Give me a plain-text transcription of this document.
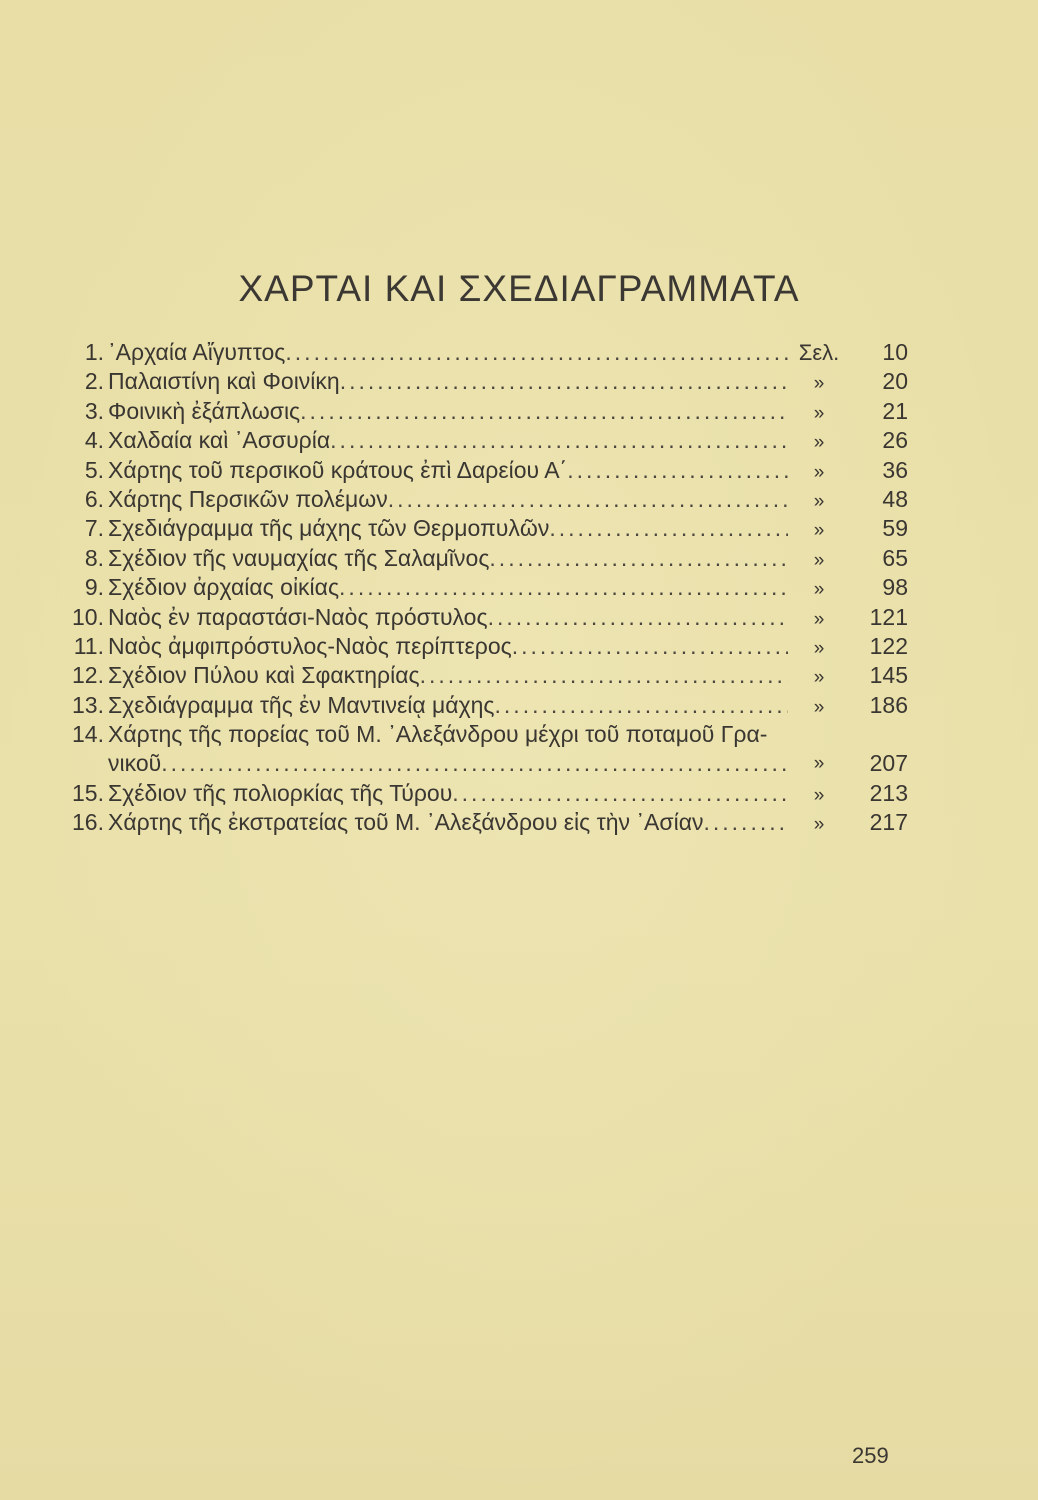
ΧΑΡΤΑΙ ΚΑΙ ΣΧΕΔΙΑΓΡΑΜΜΑΤΑ
1. ᾿Αρχαία Αἴγυπτος .....	Σελ.	10
2. Παλαιστίνη καὶ Φοινίκη .....	»	20
3. Φοινικὴ ἐξάπλωσις .....	»	21
4. Χαλδαία καὶ ᾿Ασσυρία .....	»	26
5. Χάρτης τοῦ περσικοῦ κράτους ἐπὶ Δαρείου Α΄ .....	»	36
6. Χάρτης Περσικῶν πολέμων .....	»	48
7. Σχεδιάγραμμα τῆς μάχης τῶν Θερμοπυλῶν .....	»	59
8. Σχέδιον τῆς ναυμαχίας τῆς Σαλαμῖνος .....	»	65
9. Σχέδιον ἀρχαίας οἰκίας .....	»	98
10. Ναὸς ἐν παραστάσι-Ναὸς πρόστυλος .....	»	121
11. Ναὸς ἀμφιπρόστυλος-Ναὸς περίπτερος .....	»	122
12. Σχέδιον Πύλου καὶ Σφακτηρίας .....	»	145
13. Σχεδιάγραμμα τῆς ἐν Μαντινείᾳ μάχης .....	»	186
14. Χάρτης τῆς πορείας τοῦ Μ. ᾿Αλεξάνδρου μέχρι τοῦ ποταμοῦ Γρα-
νικοῦ .....	»	207
15. Σχέδιον τῆς πολιορκίας τῆς Τύρου .....	»	213
16. Χάρτης τῆς ἐκστρατείας τοῦ Μ. ᾿Αλεξάνδρου εἰς τὴν ᾿Ασίαν .....	»	217
259
